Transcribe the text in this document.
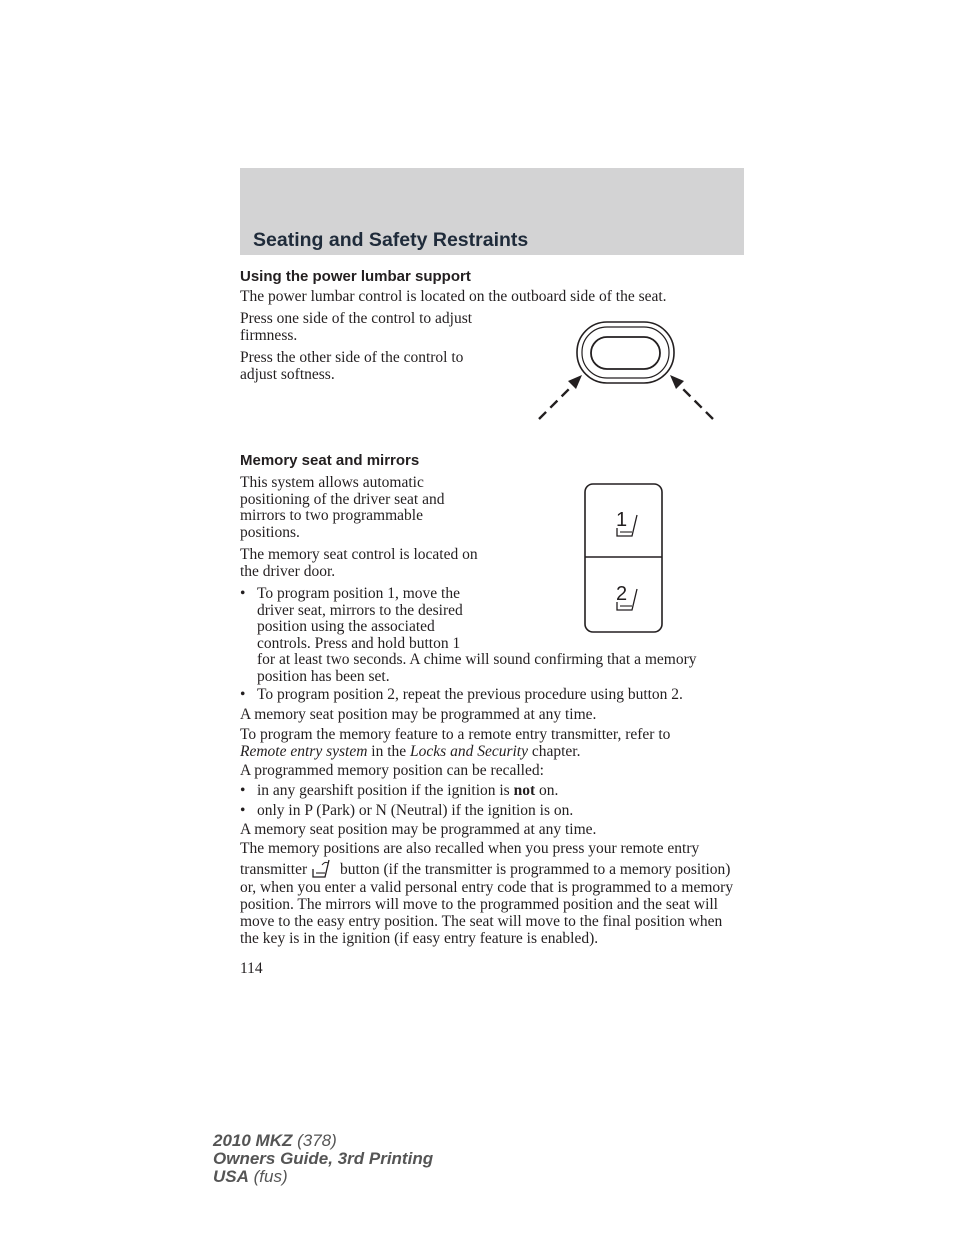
Seating and Safety Restraints
Using the power lumbar support

The power lumbar control is located on the outboard side of the seat.

Press one side of the control to adjust firmness.

Press the other side of the control to adjust softness.

Memory seat and mirrors

This system allows automatic positioning of the driver seat and mirrors to two programmable positions.

The memory seat control is located on the driver door.

1
2
• To program position 1, move the
driver seat, mirrors to the desired
position using the associated
controls. Press and hold button 1
for at least two seconds. A chime will sound confirming that a memory position has been set.
• To program position 2, repeat the previous procedure using button 2.

A memory seat position may be programmed at any time.

To program the memory feature to a remote entry transmitter, refer to
Remote entry system in the Locks and Security chapter.

A programmed memory position can be recalled:

• in any gearshift position if the ignition is not on.
• only in P (Park) or N (Neutral) if the ignition is on.

A memory seat position may be programmed at any time.

The memory positions are also recalled when you press your remote entry transmitter button (if the transmitter is programmed to a memory position) or, when you enter a valid personal entry code that is programmed to a memory position. The mirrors will move to the programmed position and the seat will move to the easy entry position. The seat will move to the final position when the key is in the ignition (if easy entry feature is enabled).

114
2010 MKZ (378)
Owners Guide, 3rd Printing
USA (fus)
